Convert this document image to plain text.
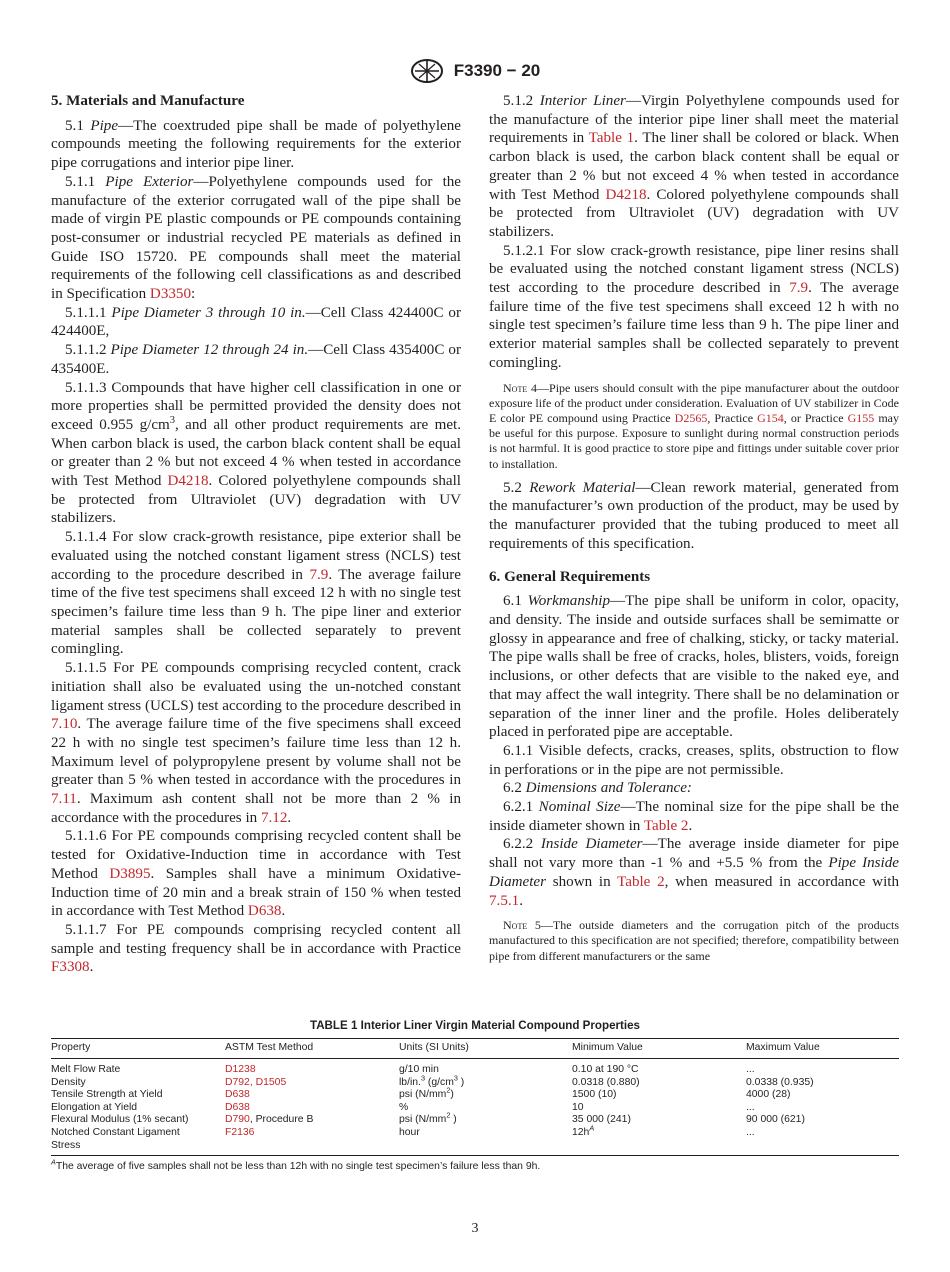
F3390 − 20
5. Materials and Manufacture

5.1 Pipe—The coextruded pipe shall be made of polyethylene compounds meeting the following requirements for the exterior pipe corrugations and interior pipe liner.

5.1.1 Pipe Exterior—Polyethylene compounds used for the manufacture of the exterior corrugated wall of the pipe shall be made of virgin PE plastic compounds or PE compounds containing post-consumer or industrial recycled PE materials as defined in Guide ISO 15720. PE compounds shall meet the material requirements of the following cell classifications as and described in Specification D3350:

5.1.1.1 Pipe Diameter 3 through 10 in.—Cell Class 424400C or 424400E,

5.1.1.2 Pipe Diameter 12 through 24 in.—Cell Class 435400C or 435400E.

5.1.1.3 Compounds that have higher cell classification in one or more properties shall be permitted provided the density does not exceed 0.955 $g/cm^3$, and all other product requirements are met. When carbon black is used, the carbon black content shall be equal or greater than 2 % but not exceed 4 % when tested in accordance with Test Method D4218. Colored polyethylene compounds shall be protected from Ultraviolet (UV) degradation with UV stabilizers.

5.1.1.4 For slow crack-growth resistance, pipe exterior shall be evaluated using the notched constant ligament stress (NCLS) test according to the procedure described in 7.9. The average failure time of the five test specimens shall exceed 12 h with no single test specimen’s failure time less than 9 h. The pipe liner and exterior material samples shall be collected separately to prevent comingling.

5.1.1.5 For PE compounds comprising recycled content, crack initiation shall also be evaluated using the un-notched constant ligament stress (UCLS) test according to the procedure described in 7.10. The average failure time of the five specimens shall exceed 22 h with no single test specimen’s failure time less than 12 h. Maximum level of polypropylene present by volume shall not be greater than 5 % when tested in accordance with the procedures in 7.11. Maximum ash content shall not be more than 2 % in accordance with the procedures in 7.12.

5.1.1.6 For PE compounds comprising recycled content shall be tested for Oxidative-Induction time in accordance with Test Method D3895. Samples shall have a minimum Oxidative-Induction time of 20 min and a break strain of 150 % when tested in accordance with Test Method D638.

5.1.1.7 For PE compounds comprising recycled content all sample and testing frequency shall be in accordance with Practice F3308.

5.1.2 Interior Liner—Virgin Polyethylene compounds used for the manufacture of the interior pipe liner shall meet the material requirements in Table 1. The liner shall be colored or black. When carbon black is used, the carbon black content shall be equal or greater than 2 % but not exceed 4 % when tested in accordance with Test Method D4218. Colored polyethylene compounds shall be protected from Ultraviolet (UV) degradation with UV stabilizers.

5.1.2.1 For slow crack-growth resistance, pipe liner resins shall be evaluated using the notched constant ligament stress (NCLS) test according to the procedure described in 7.9. The average failure time of the five test specimens shall exceed 12 h with no single test specimen’s failure time less than 9 h. The pipe liner and exterior material samples shall be collected separately to prevent comingling.

Note 4—Pipe users should consult with the pipe manufacturer about the outdoor exposure life of the product under consideration. Evaluation of UV stabilizer in Code E color PE compound using Practice D2565, Practice G154, or Practice G155 may be useful for this purpose. Exposure to sunlight during normal construction periods is not harmful. It is good practice to store pipe and fittings under suitable cover prior to installation.

5.2 Rework Material—Clean rework material, generated from the manufacturer’s own production of the product, may be used by the manufacturer provided that the tubing produced to meet all requirements of this specification.

6. General Requirements

6.1 Workmanship—The pipe shall be uniform in color, opacity, and density. The inside and outside surfaces shall be semimatte or glossy in appearance and free of chalking, sticky, or tacky material. The pipe walls shall be free of cracks, holes, blisters, voids, foreign inclusions, or other defects that are visible to the naked eye, and that may affect the wall integrity. There shall be no delamination or separation of the inner liner and the profile. Holes deliberately placed in perforated pipe are acceptable.

6.1.1 Visible defects, cracks, creases, splits, obstruction to flow in perforations or in the pipe are not permissible.

6.2 Dimensions and Tolerance:

6.2.1 Nominal Size—The nominal size for the pipe shall be the inside diameter shown in Table 2.

6.2.2 Inside Diameter—The average inside diameter for pipe shall not vary more than -1 % and +5.5 % from the Pipe Inside Diameter shown in Table 2, when measured in accordance with 7.5.1.

Note 5—The outside diameters and the corrugation pitch of the products manufactured to this specification are not specified; therefore, compatibility between pipe from different manufacturers or the same

TABLE 1 Interior Liner Virgin Material Compound Properties
Property	ASTM Test Method	Units (SI Units)	Minimum Value	Maximum Value
Melt Flow Rate	D1238	g/10 min	0.10 at 190 °C	...
Density	D792, D1505	lb/in.$^3$ ($g/cm^3$ )	0.0318 (0.880)	0.0338 (0.935)
Tensile Strength at Yield	D638	psi $(N/mm^2)$	1500 (10)	4000 (28)
Elongation at Yield	D638	%	10	...
Flexural Modulus (1% secant)	D790, Procedure B	psi ($N/mm^2$ )	35 000 (241)	90 000 (621)
Notched Constant Ligament
Stress	F2136	hour	$12h^A$	...
$^A$The average of five samples shall not be less than 12h with no single test specimen’s failure less than 9h.
3
